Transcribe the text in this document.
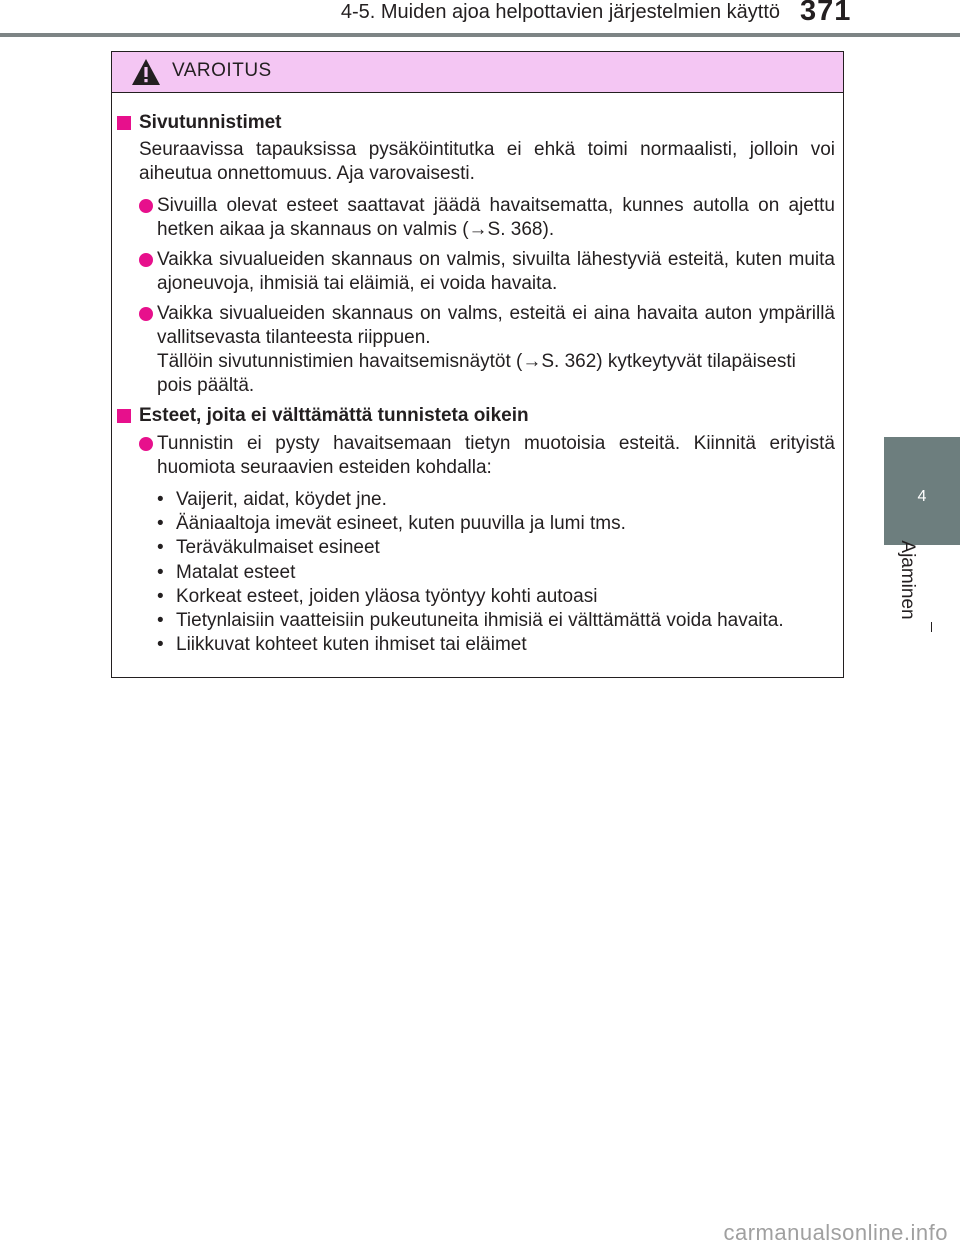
4-5. Muiden ajoa helpottavien järjestelmien käyttö 371
4
Ajaminen
VAROITUS
Sivutunnistimet
Seuraavissa tapauksissa pysäköintitutka ei ehkä toimi normaalisti, jolloin voi aiheutua onnettomuus. Aja varovaisesti.
Sivuilla olevat esteet saattavat jäädä havaitsematta, kunnes autolla on ajettu hetken aikaa ja skannaus on valmis (→S. 368).
Vaikka sivualueiden skannaus on valmis, sivuilta lähestyviä esteitä, kuten muita ajoneuvoja, ihmisiä tai eläimiä, ei voida havaita.
Vaikka sivualueiden skannaus on valms, esteitä ei aina havaita auton ympärillä vallitsevasta tilanteesta riippuen.
Tällöin sivutunnistimien havaitsemisnäytöt (→S. 362) kytkeytyvät tilapäisesti pois päältä.
Esteet, joita ei välttämättä tunnisteta oikein
Tunnistin ei pysty havaitsemaan tietyn muotoisia esteitä. Kiinnitä erityistä huomiota seuraavien esteiden kohdalla:
• Vaijerit, aidat, köydet jne.
• Ääniaaltoja imevät esineet, kuten puuvilla ja lumi tms.
• Teräväkulmaiset esineet
• Matalat esteet
• Korkeat esteet, joiden yläosa työntyy kohti autoasi
• Tietynlaisiin vaatteisiin pukeutuneita ihmisiä ei välttämättä voida havaita.
• Liikkuvat kohteet kuten ihmiset tai eläimet
carmanualsonline.info
